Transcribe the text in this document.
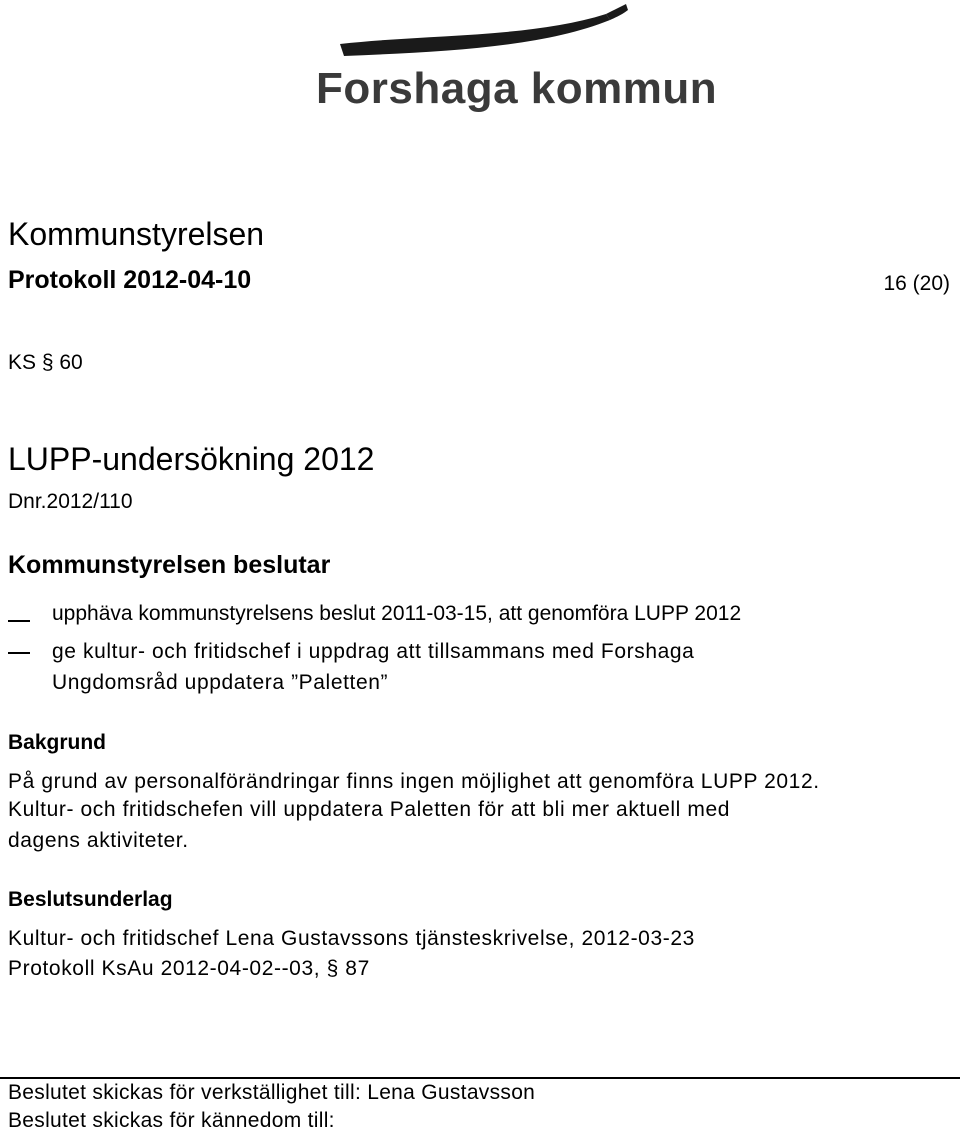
Forshaga kommun
Kommunstyrelsen
Protokoll 2012-04-10	16 (20)
KS § 60
LUPP-undersökning 2012
Dnr.2012/110
Kommunstyrelsen beslutar
upphäva kommunstyrelsens beslut 2011-03-15, att genomföra LUPP 2012
ge kultur- och fritidschef i uppdrag att tillsammans med Forshaga
Ungdomsråd uppdatera ”Paletten”
Bakgrund
På grund av personalförändringar finns ingen möjlighet att genomföra LUPP 2012.
Kultur- och fritidschefen vill uppdatera Paletten för att bli mer aktuell med
dagens aktiviteter.
Beslutsunderlag
Kultur- och fritidschef Lena Gustavssons tjänsteskrivelse, 2012-03-23
Protokoll KsAu 2012-04-02--03, § 87
Beslutet skickas för verkställighet till: Lena Gustavsson
Beslutet skickas för kännedom till:
